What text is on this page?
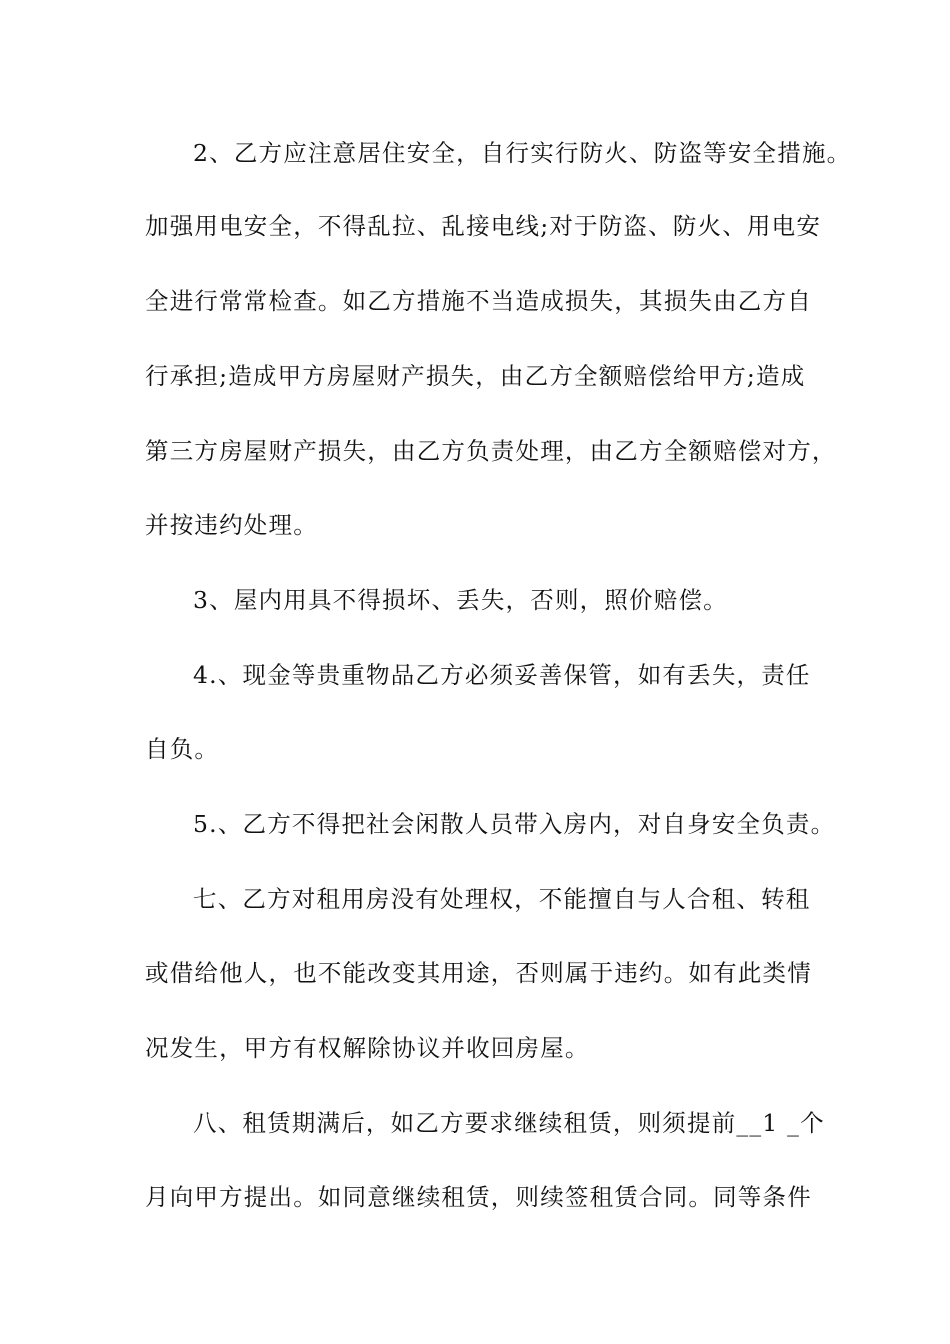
2、乙方应注意居住安全，自行实行防火、防盗等安全措施。
加强用电安全，不得乱拉、乱接电线;对于防盗、防火、用电安
全进行常常检查。如乙方措施不当造成损失，其损失由乙方自
行承担;造成甲方房屋财产损失，由乙方全额赔偿给甲方;造成
第三方房屋财产损失，由乙方负责处理，由乙方全额赔偿对方，
并按违约处理。
3、屋内用具不得损坏、丢失，否则，照价赔偿。
4.、现金等贵重物品乙方必须妥善保管，如有丢失，责任
自负。
5.、乙方不得把社会闲散人员带入房内，对自身安全负责。
七、乙方对租用房没有处理权，不能擅自与人合租、转租
或借给他人，也不能改变其用途，否则属于违约。如有此类情
况发生，甲方有权解除协议并收回房屋。
八、租赁期满后，如乙方要求继续租赁，则须提前__1 _个
月向甲方提出。如同意继续租赁，则续签租赁合同。同等条件
